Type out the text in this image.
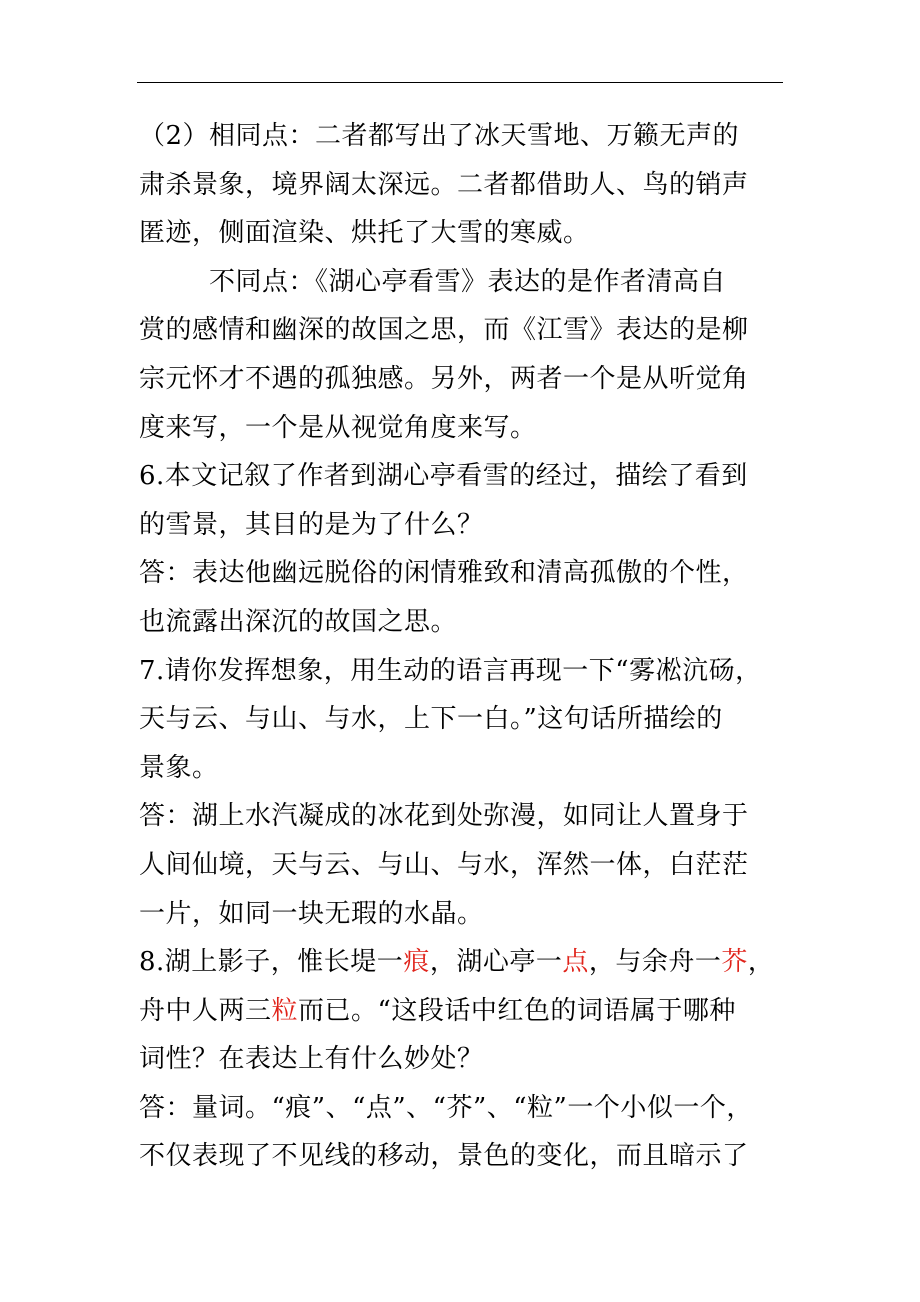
（2）相同点：二者都写出了冰天雪地、万籁无声的
肃杀景象，境界阔太深远。二者都借助人、鸟的销声
匿迹，侧面渲染、烘托了大雪的寒威。

不同点：《湖心亭看雪》表达的是作者清高自
赏的感情和幽深的故国之思，而《江雪》表达的是柳
宗元怀才不遇的孤独感。另外，两者一个是从听觉角
度来写，一个是从视觉角度来写。

6.本文记叙了作者到湖心亭看雪的经过，描绘了看到
的雪景，其目的是为了什么？

答：表达他幽远脱俗的闲情雅致和清高孤傲的个性，
也流露出深沉的故国之思。

7.请你发挥想象，用生动的语言再现一下“雾凇沆砀，
天与云、与山、与水，上下一白。”这句话所描绘的
景象。

答：湖上水汽凝成的冰花到处弥漫，如同让人置身于
人间仙境，天与云、与山、与水，浑然一体，白茫茫
一片，如同一块无瑕的水晶。

8.湖上影子，惟长堤一痕，湖心亭一点，与余舟一芥，
舟中人两三粒而已。“这段话中红色的词语属于哪种
词性？在表达上有什么妙处？

答：量词。“痕”、“点”、“芥”、“粒”一个小似一个，
不仅表现了不见线的移动，景色的变化，而且暗示了
